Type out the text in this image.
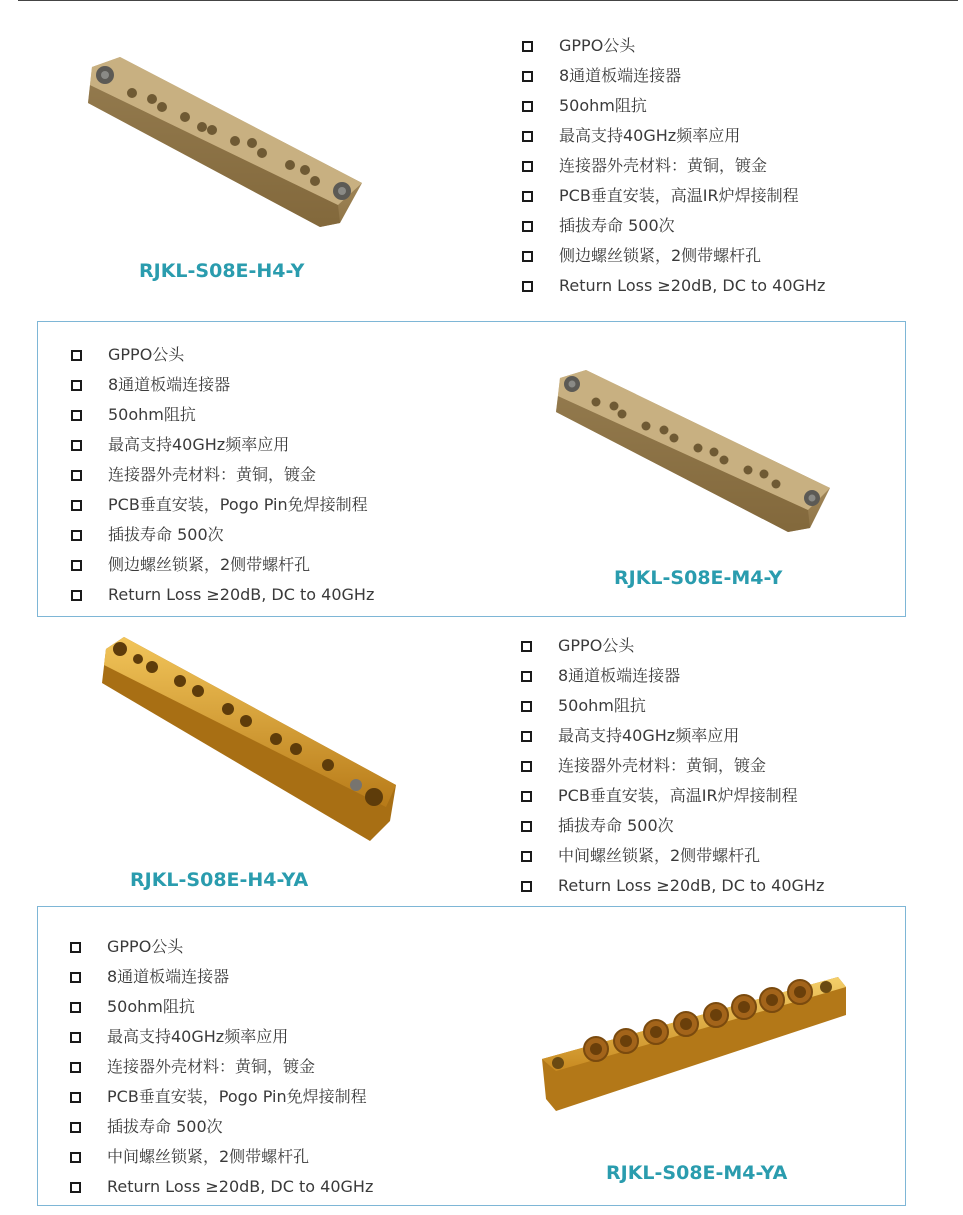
RJKL-S08E-H4-Y
GPPO公头
8通道板端连接器
50ohm阻抗
最高支持40GHz频率应用
连接器外壳材料：黄铜，镀金
PCB垂直安装，高温IR炉焊接制程
插拔寿命 500次
侧边螺丝锁紧，2侧带螺杆孔
Return Loss ≥20dB, DC to 40GHz
GPPO公头
8通道板端连接器
50ohm阻抗
最高支持40GHz频率应用
连接器外壳材料：黄铜，镀金
PCB垂直安装，Pogo Pin免焊接制程
插拔寿命 500次
侧边螺丝锁紧，2侧带螺杆孔
Return Loss ≥20dB, DC to 40GHz
RJKL-S08E-M4-Y
RJKL-S08E-H4-YA
GPPO公头
8通道板端连接器
50ohm阻抗
最高支持40GHz频率应用
连接器外壳材料：黄铜，镀金
PCB垂直安装，高温IR炉焊接制程
插拔寿命 500次
中间螺丝锁紧，2侧带螺杆孔
Return Loss ≥20dB, DC to 40GHz
GPPO公头
8通道板端连接器
50ohm阻抗
最高支持40GHz频率应用
连接器外壳材料：黄铜，镀金
PCB垂直安装，Pogo Pin免焊接制程
插拔寿命 500次
中间螺丝锁紧，2侧带螺杆孔
Return Loss ≥20dB, DC to 40GHz
RJKL-S08E-M4-YA
